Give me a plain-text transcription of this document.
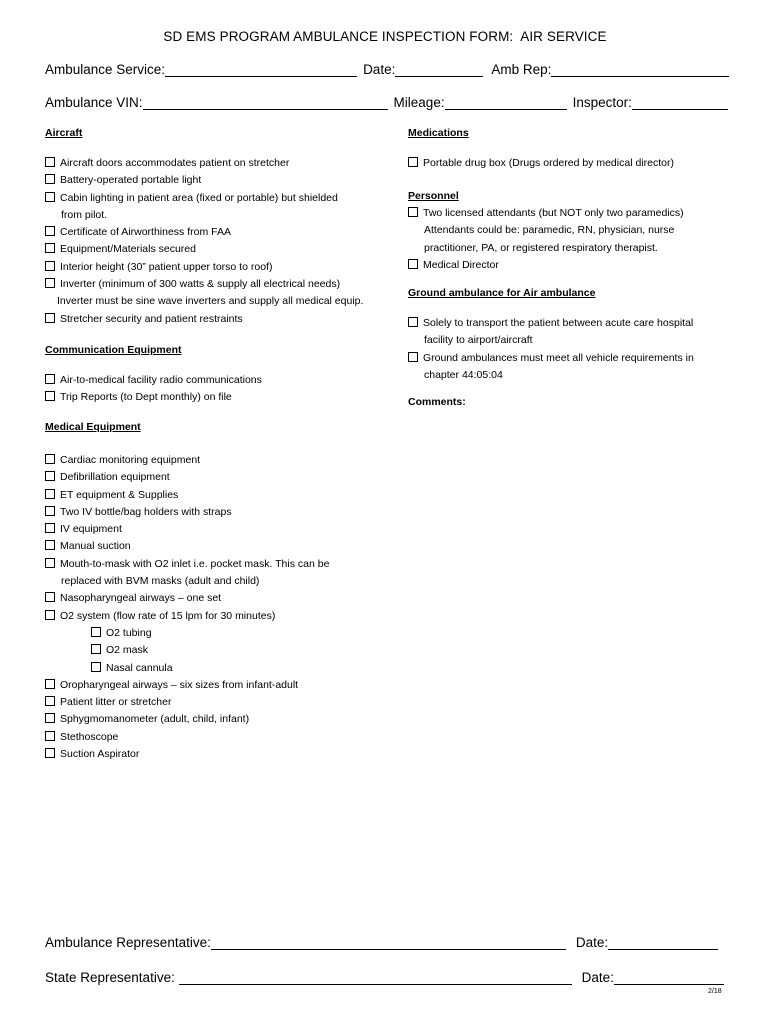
SD EMS PROGRAM AMBULANCE INSPECTION FORM:  AIR SERVICE
Ambulance Service:	Date:	Amb Rep:
Ambulance VIN:	Mileage:	Inspector:
Aircraft
Aircraft doors accommodates patient on stretcher
Battery-operated portable light
Cabin lighting in patient area (fixed or portable) but shielded
from pilot.
Certificate of Airworthiness from FAA
Equipment/Materials secured
Interior height (30” patient upper torso to roof)
Inverter (minimum of 300 watts & supply all electrical needs)
Inverter must be sine wave inverters and supply all medical equip.
Stretcher security and patient restraints
Communication Equipment
Air-to-medical facility radio communications
Trip Reports (to Dept monthly) on file
Medical Equipment
Cardiac monitoring equipment
Defibrillation equipment
ET equipment & Supplies
Two IV bottle/bag holders with straps
IV equipment
Manual suction
Mouth-to-mask with O2 inlet i.e. pocket mask. This can be
replaced with BVM masks (adult and child)
Nasopharyngeal airways – one set
O2 system (flow rate of 15 lpm for 30 minutes)
O2 tubing
O2 mask
Nasal cannula
Oropharyngeal airways – six sizes from infant-adult
Patient litter or stretcher
Sphygmomanometer (adult, child, infant)
Stethoscope
Suction Aspirator
Medications
Portable drug box (Drugs ordered by medical director)
Personnel
Two licensed attendants (but NOT only two paramedics)
Attendants could be: paramedic, RN, physician, nurse
practitioner, PA, or registered respiratory therapist.
Medical Director
Ground ambulance for Air ambulance
Solely to transport the patient between acute care hospital
facility to airport/aircraft
Ground ambulances must meet all vehicle requirements in
chapter 44:05:04
Comments:
Ambulance Representative:	Date:
State Representative:	Date:
2/18
